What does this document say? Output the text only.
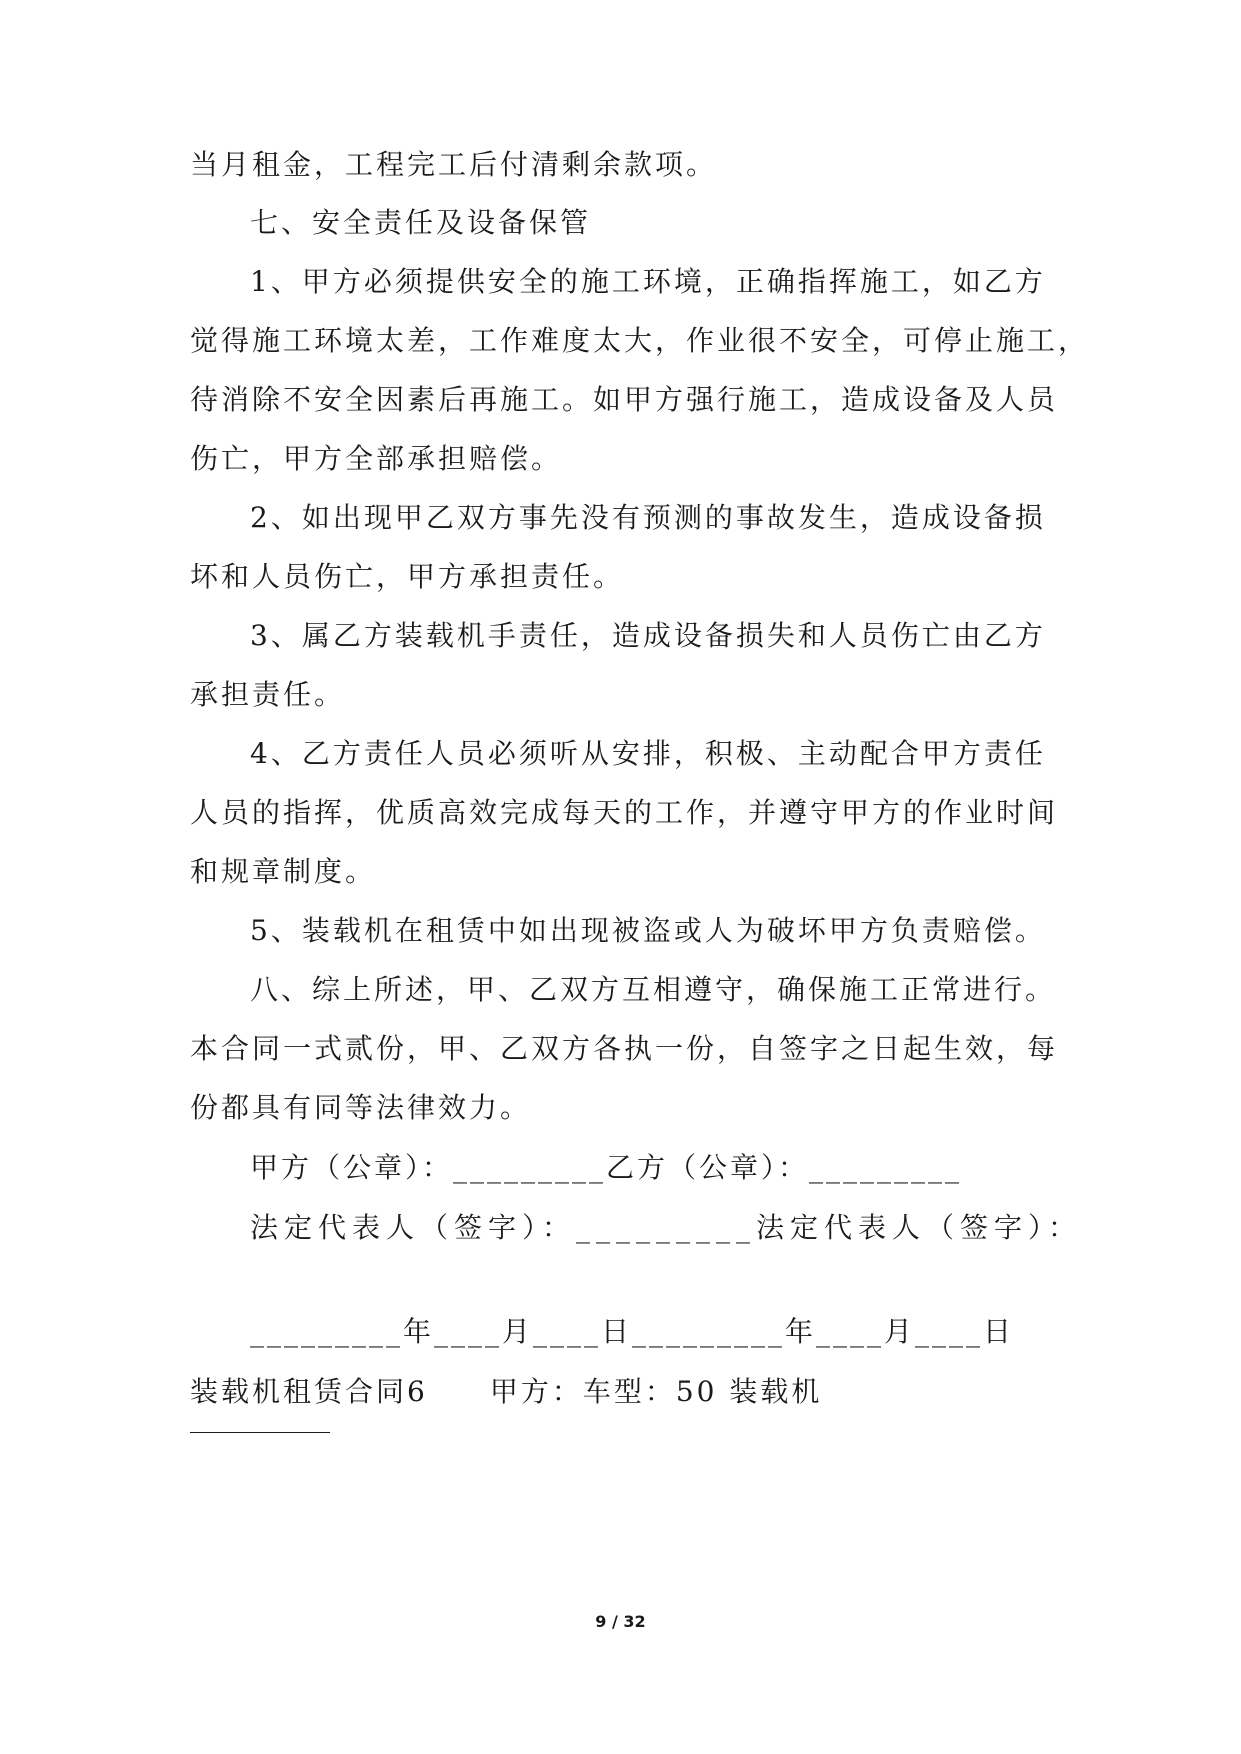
当月租金，工程完工后付清剩余款项。
七、安全责任及设备保管
1、甲方必须提供安全的施工环境，正确指挥施工，如乙方
觉得施工环境太差，工作难度太大，作业很不安全，可停止施工，
待消除不安全因素后再施工。如甲方强行施工，造成设备及人员
伤亡，甲方全部承担赔偿。
2、如出现甲乙双方事先没有预测的事故发生，造成设备损
坏和人员伤亡，甲方承担责任。
3、属乙方装载机手责任，造成设备损失和人员伤亡由乙方
承担责任。
4、乙方责任人员必须听从安排，积极、主动配合甲方责任
人员的指挥，优质高效完成每天的工作，并遵守甲方的作业时间
和规章制度。
5、装载机在租赁中如出现被盗或人为破坏甲方负责赔偿。
八、综上所述，甲、乙双方互相遵守，确保施工正常进行。
本合同一式贰份，甲、乙双方各执一份，自签字之日起生效，每
份都具有同等法律效力。
甲方（公章）：_________乙方（公章）：_________
法定代表人（签字）：_________法定代表人（签字）：
_________年____月____日_________年____月____日
装载机租赁合同6　　甲方：车型：50 装载机
9 / 32
